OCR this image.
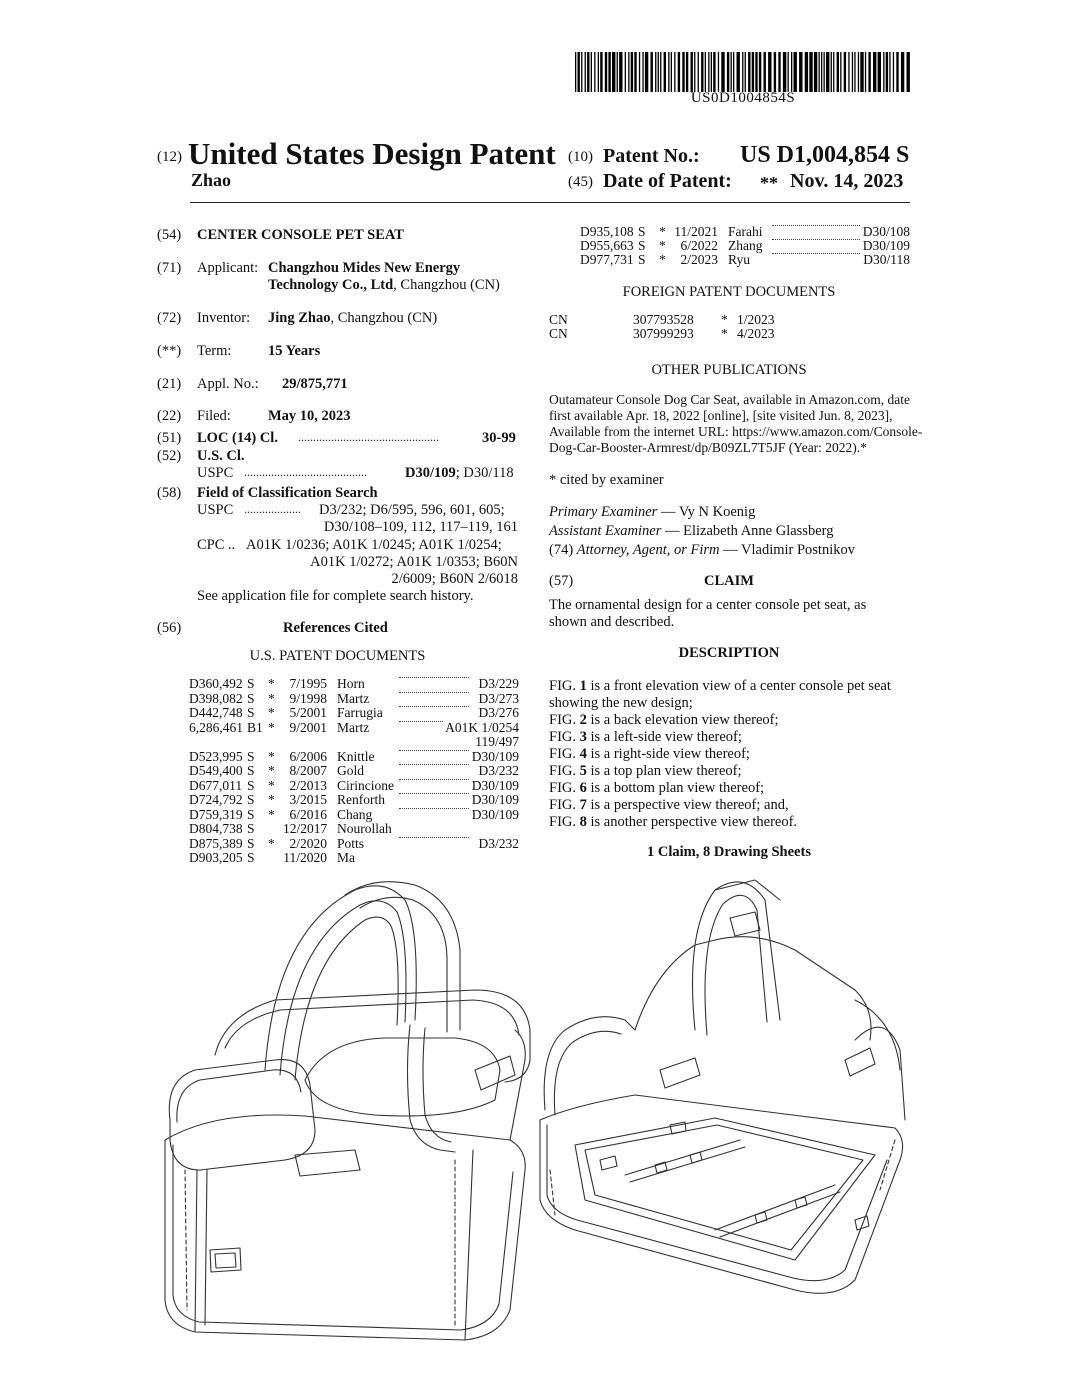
US0D1004854S
(12) United States Design Patent
Zhao
(10) Patent No.: US D1,004,854 S
(45) Date of Patent: ** Nov. 14, 2023
(54) CENTER CONSOLE PET SEAT
(71) Applicant: Changzhou Mides New Energy
Technology Co., Ltd, Changzhou (CN)
(72) Inventor: Jing Zhao, Changzhou (CN)
(**) Term:	15 Years
(21) Appl. No.: 29/875,771
(22) Filed:	May 10, 2023
(51) LOC (14) Cl. ...............................................	30-99
(52) U.S. Cl.
USPC .........................................	D30/109; D30/118
(58) Field of Classification Search
USPC ................... D3/232; D6/595, 596, 601, 605;
D30/108–109, 112, 117–119, 161
CPC .. A01K 1/0236; A01K 1/0245; A01K 1/0254;
A01K 1/0272; A01K 1/0353; B60N
2/6009; B60N 2/6018
See application file for complete search history.
(56)	References Cited
U.S. PATENT DOCUMENTS
D360,492 S *	7/1995 Horn	D3/229
D398,082 S *	9/1998 Martz	D3/273
D442,748 S *	5/2001 Farrugia	D3/276
6,286,461 B1 *	9/2001 Martz	A01K 1/0254
119/497
D523,995 S *	6/2006 Knittle	D30/109
D549,400 S *	8/2007 Gold	D3/232
D677,011 S *	2/2013 Cirincione	D30/109
D724,792 S *	3/2015 Renforth	D30/109
D759,319 S *	6/2016 Chang	D30/109
D804,738 S 12/2017 Nourollah
D875,389 S *	2/2020 Potts	D3/232
D903,205 S 11/2020 Ma
D935,108 S * 11/2021 Farahi	D30/108
D955,663 S *	6/2022 Zhang	D30/109
D977,731 S *	2/2023 Ryu	D30/118
FOREIGN PATENT DOCUMENTS
CN	307793528 * 1/2023
CN	307999293 * 4/2023
OTHER PUBLICATIONS
Outamateur Console Dog Car Seat, available in Amazon.com, date
first available Apr. 18, 2022 [online], [site visited Jun. 8, 2023],
Available from the internet URL: https://www.amazon.com/Console-
Dog-Car-Booster-Armrest/dp/B09ZL7T5JF (Year: 2022).*
* cited by examiner
Primary Examiner — Vy N Koenig
Assistant Examiner — Elizabeth Anne Glassberg
(74) Attorney, Agent, or Firm — Vladimir Postnikov
(57)	CLAIM
The ornamental design for a center console pet seat, as
shown and described.
DESCRIPTION
FIG. 1 is a front elevation view of a center console pet seat
showing the new design;
FIG. 2 is a back elevation view thereof;
FIG. 3 is a left-side view thereof;
FIG. 4 is a right-side view thereof;
FIG. 5 is a top plan view thereof;
FIG. 6 is a bottom plan view thereof;
FIG. 7 is a perspective view thereof; and,
FIG. 8 is another perspective view thereof.
1 Claim, 8 Drawing Sheets
